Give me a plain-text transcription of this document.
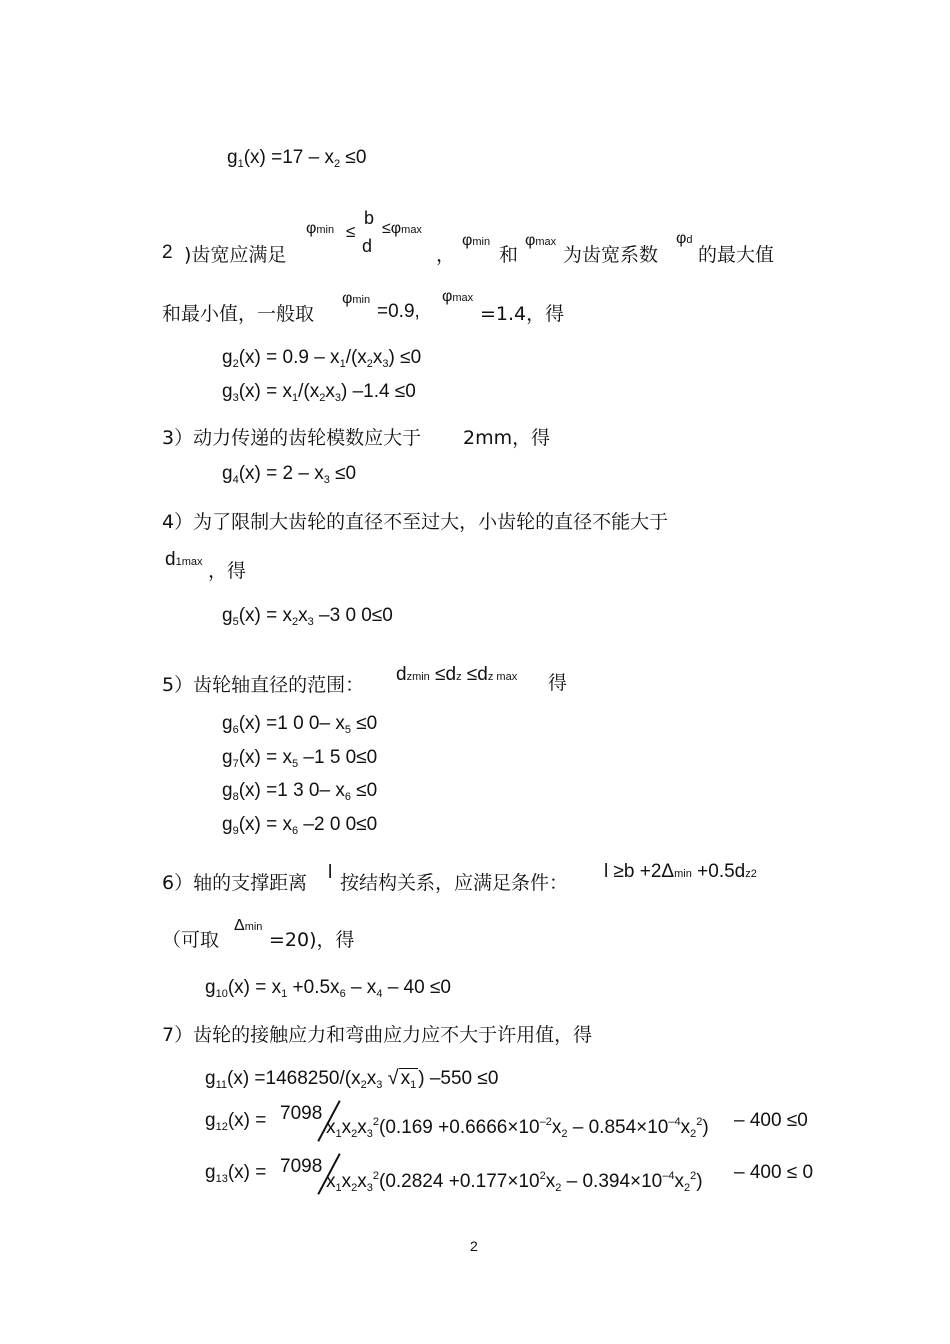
$g_1(x) =17 - x_2 \le 0$
2 )齿宽应满足
φmin ≤
b
d
≤φmax
，
φmin
和
φmax
为齿宽系数
φd
的最大值
和最小值，一般取
φmin
=0.9,
φmax
=1.4，得
$g_2(x) = 0.9 - x_1/(x_2x_3) \le 0$
$g_3(x) = x_1/(x_2x_3)$ –1.4 ≤0
3）动力传递的齿轮模数应大于 2mm，得
$g_4(x) = 2 - x_3 \le 0$
4）为了限制大齿轮的直径不至过大，小齿轮的直径不能大于
d1max ，得
$g_5(x) = x_2x_3$ –3 0 0≤0
5）齿轮轴直径的范围： dzmin ≤dz ≤dz max 得
$g_6(x) =1$ 0 0– $x_5 \le 0$
$g_7(x) = x_5$ –1 5 0≤0
$g_8(x) =1$ 3 0– $x_6 \le 0$
$g_9(x) = x_6$ –2 0 0≤0
6）轴的支撑距离 l 按结构关系，应满足条件：
l ≥b +2Δmin +0.5dz2
（可取
Δmin
=20)，得
$g_{10}(x) = x_1 +0.5x_6 - x_4 - 40 \le 0$
7）齿轮的接触应力和弯曲应力应不大于许用值，得
$g_{11}(x) =1468250/(x_2x_3$ √ $x_1$ ) –550 ≤0
$g_{12}(x) = 7098$
$x_1x_2x_3^2(0.169 +0.6666\times 10^{-2}x_2 - 0.854\times 10^{-4}x_2^2) - 400 \le 0$
$g_{13}(x) = 7098$
$x_1x_2x_3^2(0.2824 +0.177\times 10^2x_2 - 0.394\times 10^{-4}x_2^2) - 400 \le 0$
2
